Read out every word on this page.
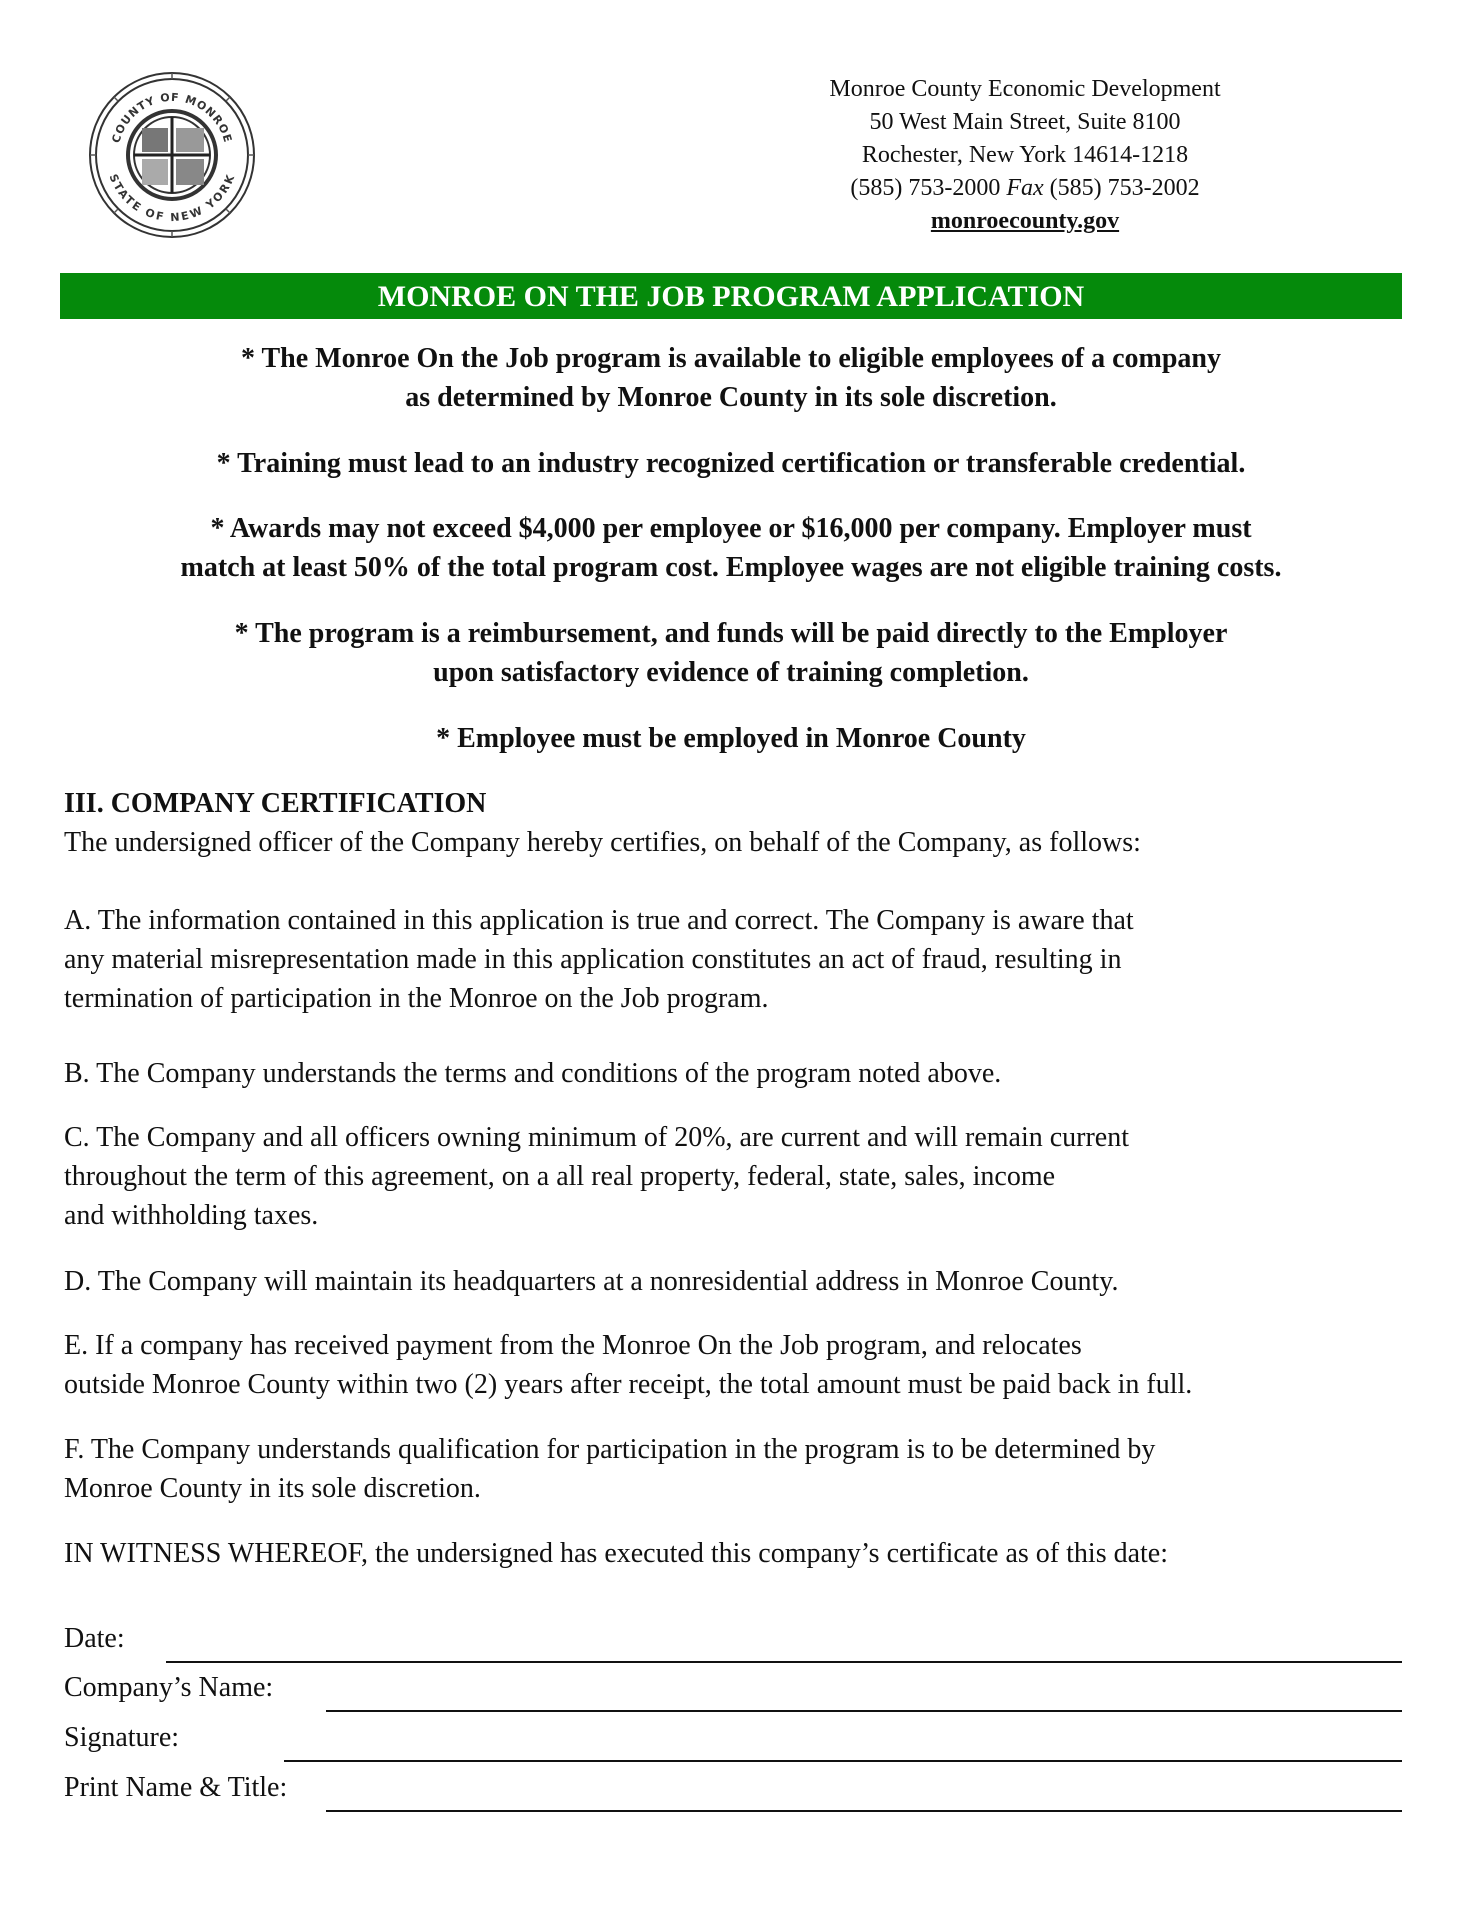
COUNTY OF MONROE
STATE OF NEW YORK
Monroe County Economic Development
50 West Main Street, Suite 8100
Rochester, New York 14614-1218
(585) 753-2000 Fax (585) 753-2002
monroecounty.gov
MONROE ON THE JOB PROGRAM APPLICATION
* The Monroe On the Job program is available to eligible employees of a company
as determined by Monroe County in its sole discretion.
* Training must lead to an industry recognized certification or transferable credential.
* Awards may not exceed $4,000 per employee or $16,000 per company. Employer must
match at least 50% of the total program cost. Employee wages are not eligible training costs.
* The program is a reimbursement, and funds will be paid directly to the Employer
upon satisfactory evidence of training completion.
* Employee must be employed in Monroe County
III. COMPANY CERTIFICATION
The undersigned officer of the Company hereby certifies, on behalf of the Company, as follows:
A. The information contained in this application is true and correct. The Company is aware that
any material misrepresentation made in this application constitutes an act of fraud, resulting in
termination of participation in the Monroe on the Job program.
B. The Company understands the terms and conditions of the program noted above.
C. The Company and all officers owning minimum of 20%, are current and will remain current
throughout the term of this agreement, on a all real property, federal, state, sales, income
and withholding taxes.
D. The Company will maintain its headquarters at a nonresidential address in Monroe County.
E. If a company has received payment from the Monroe On the Job program, and relocates
outside Monroe County within two (2) years after receipt, the total amount must be paid back in full.
F. The Company understands qualification for participation in the program is to be determined by
Monroe County in its sole discretion.
IN WITNESS WHEREOF, the undersigned has executed this company’s certificate as of this date:
Date:
Company’s Name:
Signature:
Print Name & Title:
